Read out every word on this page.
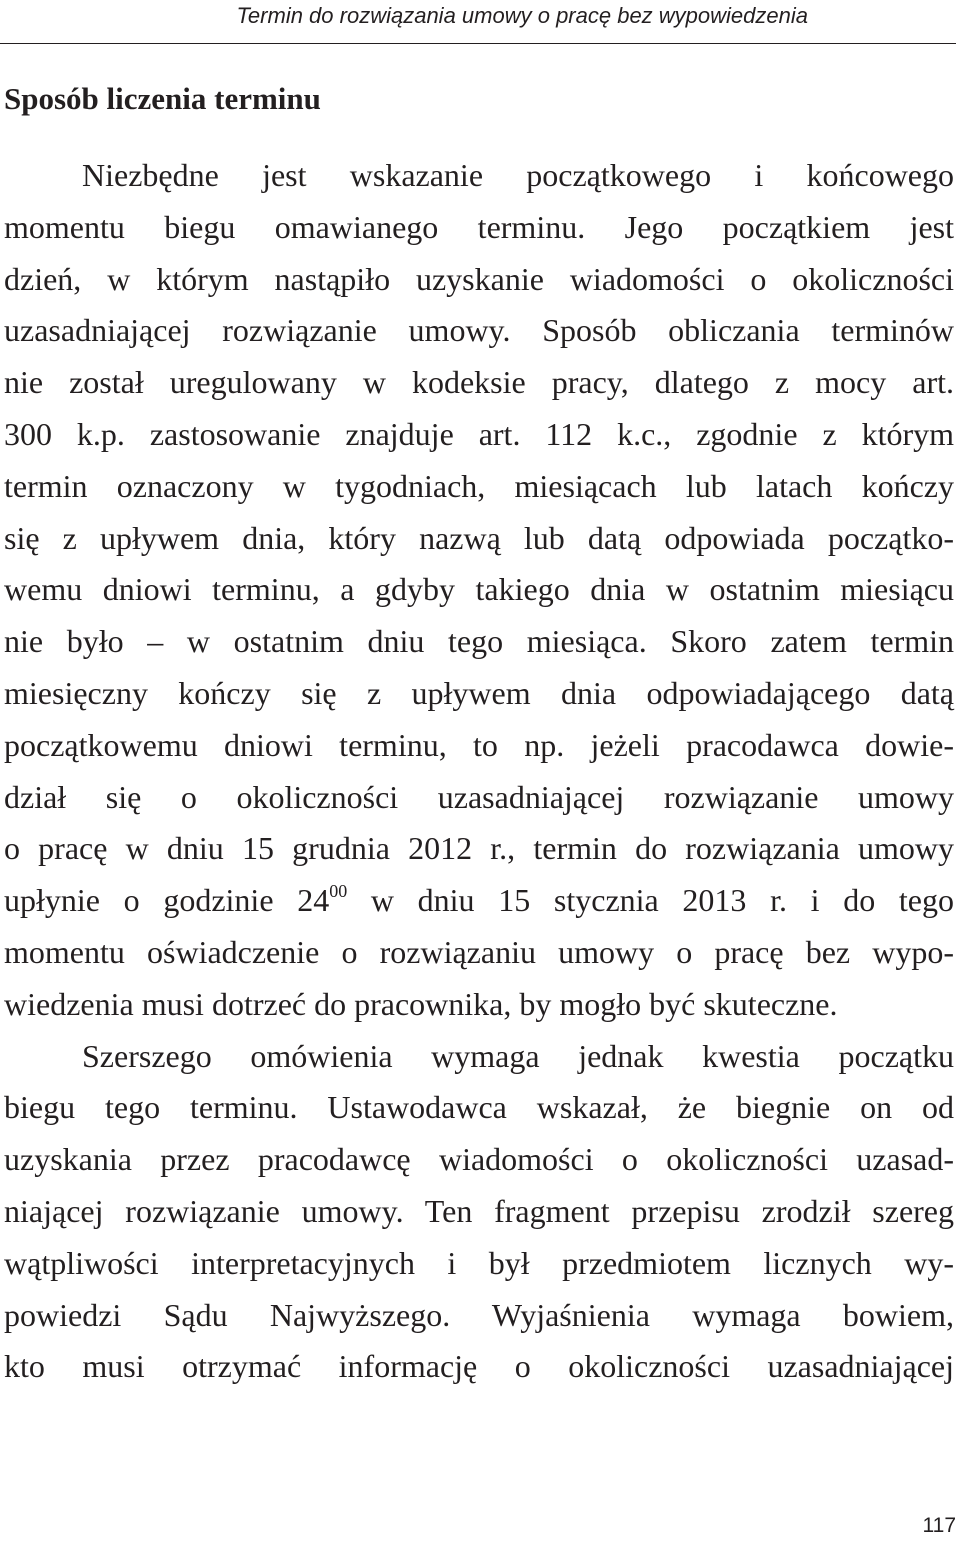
Termin do rozwiązania umowy o pracę bez wypowiedzenia
Sposób liczenia terminu

Niezbędne jest wskazanie początkowego i końcowego
momentu biegu omawianego terminu. Jego początkiem jest
dzień, w którym nastąpiło uzyskanie wiadomości o okoliczności
uzasadniającej rozwiązanie umowy. Sposób obliczania terminów
nie został uregulowany w kodeksie pracy, dlatego z mocy art.
300 k.p. zastosowanie znajduje art. 112 k.c., zgodnie z którym
termin oznaczony w tygodniach, miesiącach lub latach kończy
się z upływem dnia, który nazwą lub datą odpowiada początko-
wemu dniowi terminu, a gdyby takiego dnia w ostatnim miesiącu
nie było – w ostatnim dniu tego miesiąca. Skoro zatem termin
miesięczny kończy się z upływem dnia odpowiadającego datą
początkowemu dniowi terminu, to np. jeżeli pracodawca dowie-
dział się o okoliczności uzasadniającej rozwiązanie umowy
o pracę w dniu 15 grudnia 2012 r., termin do rozwiązania umowy
upłynie o godzinie $24^{00}$ w dniu 15 stycznia 2013 r. i do tego
momentu oświadczenie o rozwiązaniu umowy o pracę bez wypo-
wiedzenia musi dotrzeć do pracownika, by mogło być skuteczne.

Szerszego omówienia wymaga jednak kwestia początku
biegu tego terminu. Ustawodawca wskazał, że biegnie on od
uzyskania przez pracodawcę wiadomości o okoliczności uzasad-
niającej rozwiązanie umowy. Ten fragment przepisu zrodził szereg
wątpliwości interpretacyjnych i był przedmiotem licznych wy-
powiedzi Sądu Najwyższego. Wyjaśnienia wymaga bowiem,
kto musi otrzymać informację o okoliczności uzasadniającej

117
